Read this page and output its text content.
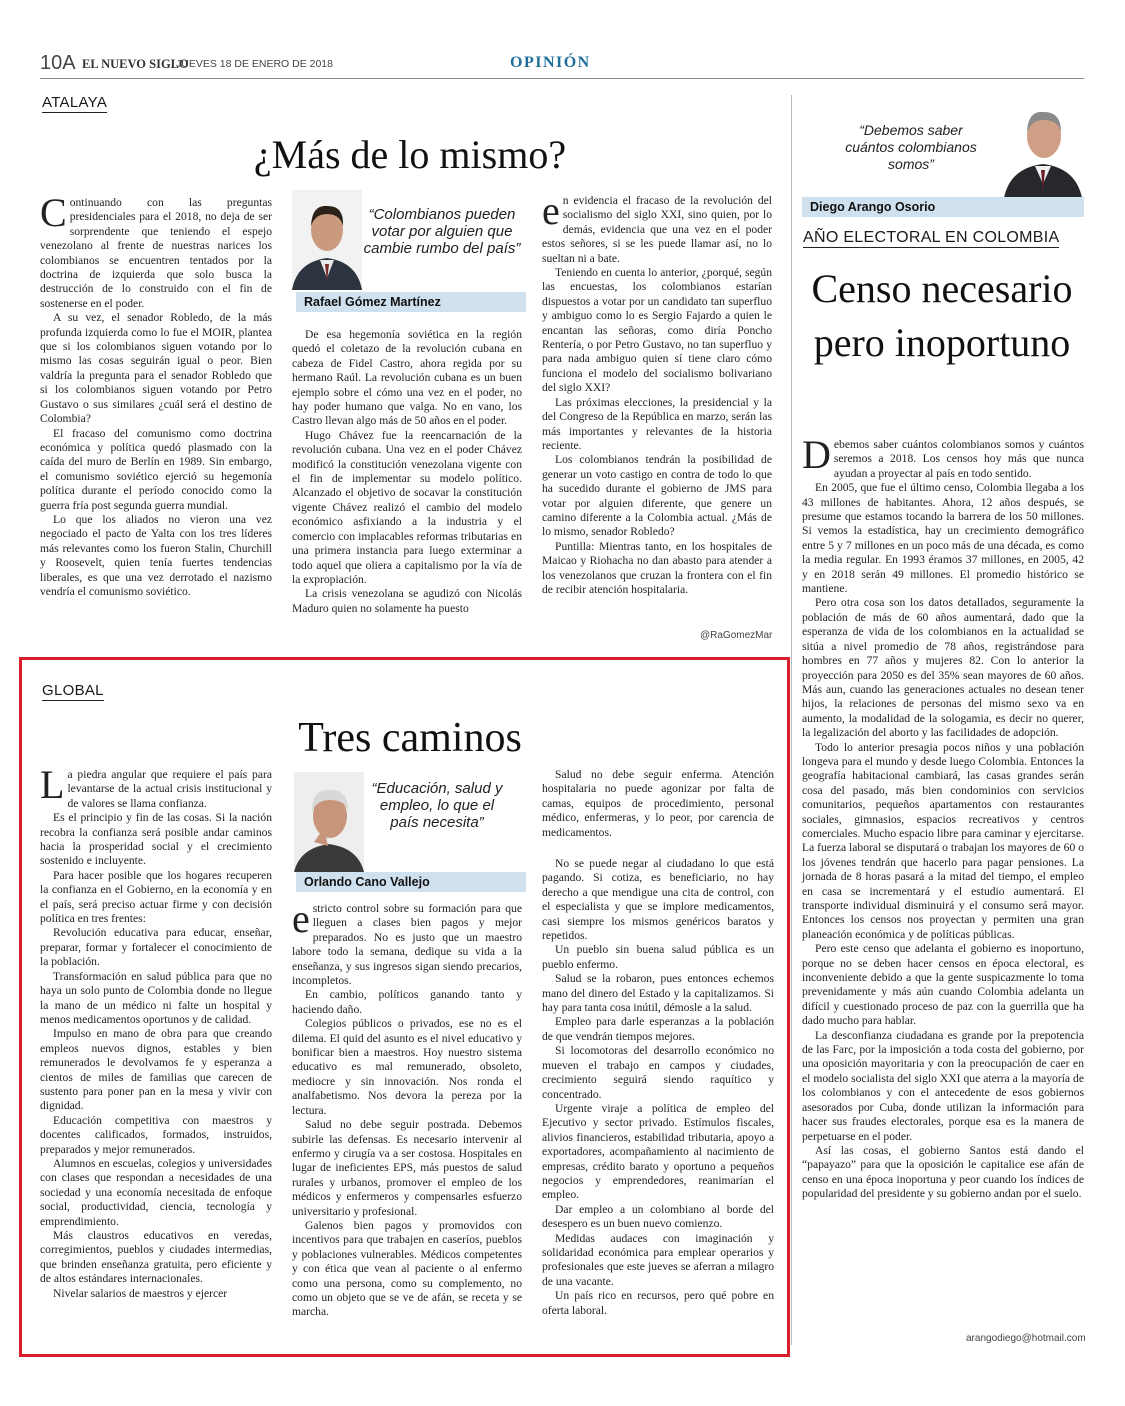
10A EL NUEVO SIGLO
JUEVES 18 DE ENERO DE 2018	OPINIÓN
ATALAYA
¿Más de lo mismo?

Continuando con las preguntas presidenciales para el 2018, no deja de ser sorprendente que teniendo el espejo venezolano al frente de nuestras narices los colombianos se encuentren tentados por la doctrina de izquierda que solo busca la destrucción de lo construido con el fin de sostenerse en el poder.

A su vez, el senador Robledo, de la más profunda izquierda como lo fue el MOIR, plantea que si los colombianos siguen votando por lo mismo las cosas seguirán igual o peor. Bien valdría la pregunta para el senador Robledo que si los colombianos siguen votando por Petro Gustavo o sus similares ¿cuál será el destino de Colombia?

El fracaso del comunismo como doctrina económica y política quedó plasmado con la caída del muro de Berlín en 1989. Sin embargo, el comunismo soviético ejerció su hegemonía política durante el período conocido como la guerra fría post segunda guerra mundial.

Lo que los aliados no vieron una vez negociado el pacto de Yalta con los tres líderes más relevantes como los fueron Stalin, Churchill y Roosevelt, quien tenía fuertes tendencias liberales, es que una vez derrotado el nazismo vendría el comunismo soviético.

“Colombianos pueden votar por alguien que cambie rumbo del país”
Rafael Gómez Martínez

De esa hegemonía soviética en la región quedó el coletazo de la revolución cubana en cabeza de Fidel Castro, ahora regida por su hermano Raúl. La revolución cubana es un buen ejemplo sobre el cómo una vez en el poder, no hay poder humano que valga. No en vano, los Castro llevan algo más de 50 años en el poder.

Hugo Chávez fue la reencarnación de la revolución cubana. Una vez en el poder Chávez modificó la constitución venezolana vigente con el fin de implementar su modelo político. Alcanzado el objetivo de socavar la constitución vigente Chávez realizó el cambio del modelo económico asfixiando a la industria y el comercio con implacables reformas tributarias en una primera instancia para luego exterminar a todo aquel que oliera a capitalismo por la vía de la expropiación.

La crisis venezolana se agudizó con Nicolás Maduro quien no solamente ha puesto

en evidencia el fracaso de la revolución del socialismo del siglo XXI, sino quien, por lo demás, evidencia que una vez en el poder estos señores, si se les puede llamar así, no lo sueltan ni a bate.

Teniendo en cuenta lo anterior, ¿porqué, según las encuestas, los colombianos estarían dispuestos a votar por un candidato tan superfluo y ambiguo como lo es Sergio Fajardo a quien le encantan las señoras, como diría Poncho Rentería, o por Petro Gustavo, no tan superfluo y para nada ambiguo quien sí tiene claro cómo funciona el modelo del socialismo bolivariano del siglo XXI?

Las próximas elecciones, la presidencial y la del Congreso de la República en marzo, serán las más importantes y relevantes de la historia reciente.

Los colombianos tendrán la posibilidad de generar un voto castigo en contra de todo lo que ha sucedido durante el gobierno de JMS para votar por alguien diferente, que genere un camino diferente a la Colombia actual. ¿Más de lo mismo, senador Robledo?

Puntilla: Mientras tanto, en los hospitales de Maicao y Riohacha no dan abasto para atender a los venezolanos que cruzan la frontera con el fin de recibir atención hospitalaria.

@RaGomezMar
GLOBAL
Tres caminos

La piedra angular que requiere el país para levantarse de la actual crisis institucional y de valores se llama confianza.

Es el principio y fin de las cosas. Si la nación recobra la confianza será posible andar caminos hacia la prosperidad social y el crecimiento sostenido e incluyente.

Para hacer posible que los hogares recuperen la confianza en el Gobierno, en la economía y en el país, será preciso actuar firme y con decisión política en tres frentes:

Revolución educativa para educar, enseñar, preparar, formar y fortalecer el conocimiento de la población.

Transformación en salud pública para que no haya un solo punto de Colombia donde no llegue la mano de un médico ni falte un hospital y menos medicamentos oportunos y de calidad.

Impulso en mano de obra para que creando empleos nuevos dignos, estables y bien remunerados le devolvamos fe y esperanza a cientos de miles de familias que carecen de sustento para poner pan en la mesa y vivir con dignidad.

Educación competitiva con maestros y docentes calificados, formados, instruidos, preparados y mejor remunerados.

Alumnos en escuelas, colegios y universidades con clases que respondan a necesidades de una sociedad y una economía necesitada de enfoque social, productividad, ciencia, tecnología y emprendimiento.

Más claustros educativos en veredas, corregimientos, pueblos y ciudades intermedias, que brinden enseñanza gratuita, pero eficiente y de altos estándares internacionales.

Nivelar salarios de maestros y ejercer

“Educación, salud y empleo, lo que el país necesita”
Orlando Cano Vallejo

estricto control sobre su formación para que lleguen a clases bien pagos y mejor preparados. No es justo que un maestro labore todo la semana, dedique su vida a la enseñanza, y sus ingresos sigan siendo precarios, incompletos.

En cambio, políticos ganando tanto y haciendo daño.

Colegios públicos o privados, ese no es el dilema. El quid del asunto es el nivel educativo y bonificar bien a maestros. Hoy nuestro sistema educativo es mal remunerado, obsoleto, mediocre y sin innovación. Nos ronda el analfabetismo. Nos devora la pereza por la lectura.

Salud no debe seguir postrada. Debemos subirle las defensas. Es necesario intervenir al enfermo y cirugía va a ser costosa. Hospitales en lugar de ineficientes EPS, más puestos de salud rurales y urbanos, promover el empleo de los médicos y enfermeros y compensarles esfuerzo universitario y profesional.

Galenos bien pagos y promovidos con incentivos para que trabajen en caseríos, pueblos y poblaciones vulnerables. Médicos competentes y con ética que vean al paciente o al enfermo como una persona, como su complemento, no como un objeto que se ve de afán, se receta y se marcha.

Salud no debe seguir enferma. Atención hospitalaria no puede agonizar por falta de camas, equipos de procedimiento, personal médico, enfermeras, y lo peor, por carencia de medicamentos.

No se puede negar al ciudadano lo que está pagando. Si cotiza, es beneficiario, no hay derecho a que mendigue una cita de control, con el especialista y que se implore medicamentos, casi siempre los mismos genéricos baratos y repetidos.

Un pueblo sin buena salud pública es un pueblo enfermo.

Salud se la robaron, pues entonces echemos mano del dinero del Estado y la capitalizamos. Si hay para tanta cosa inútil, démosle a la salud.

Empleo para darle esperanzas a la población de que vendrán tiempos mejores.

Si locomotoras del desarrollo económico no mueven el trabajo en campos y ciudades, crecimiento seguirá siendo raquítico y concentrado.

Urgente viraje a política de empleo del Ejecutivo y sector privado. Estímulos fiscales, alivios financieros, estabilidad tributaria, apoyo a exportadores, acompañamiento al nacimiento de empresas, crédito barato y oportuno a pequeños negocios y emprendedores, reanimarían el empleo.

Dar empleo a un colombiano al borde del desespero es un buen nuevo comienzo.

Medidas audaces con imaginación y solidaridad económica para emplear operarios y profesionales que este jueves se aferran a milagro de una vacante.

Un país rico en recursos, pero qué pobre en oferta laboral.

“Debemos saber cuántos colombianos somos”
Diego Arango Osorio
AÑO ELECTORAL EN COLOMBIA
Censo necesario pero inoportuno

Debemos saber cuántos colombianos somos y cuántos seremos a 2018. Los censos hoy más que nunca ayudan a proyectar al país en todo sentido.

En 2005, que fue el último censo, Colombia llegaba a los 43 millones de habitantes. Ahora, 12 años después, se presume que estamos tocando la barrera de los 50 millones. Si vemos la estadística, hay un crecimiento demográfico entre 5 y 7 millones en un poco más de una década, es como la media regular. En 1993 éramos 37 millones, en 2005, 42 y en 2018 serán 49 millones. El promedio histórico se mantiene.

Pero otra cosa son los datos detallados, seguramente la población de más de 60 años aumentará, dado que la esperanza de vida de los colombianos en la actualidad se sitúa a nivel promedio de 78 años, registrándose para hombres en 77 años y mujeres 82. Con lo anterior la proyección para 2050 es del 35% sean mayores de 60 años. Más aun, cuando las generaciones actuales no desean tener hijos, la relaciones de personas del mismo sexo va en aumento, la modalidad de la sologamia, es decir no querer, la legalización del aborto y las facilidades de adopción.

Todo lo anterior presagia pocos niños y una población longeva para el mundo y desde luego Colombia. Entonces la geografía habitacional cambiará, las casas grandes serán cosa del pasado, más bien condominios con servicios comunitarios, pequeños apartamentos con restaurantes sociales, gimnasios, espacios recreativos y centros comerciales. Mucho espacio libre para caminar y ejercitarse. La fuerza laboral se disputará o trabajan los mayores de 60 o los jóvenes tendrán que hacerlo para pagar pensiones. La jornada de 8 horas pasará a la mitad del tiempo, el empleo en casa se incrementará y el estudio aumentará. El transporte individual disminuirá y el consumo será mayor. Entonces los censos nos proyectan y permiten una gran planeación económica y de políticas públicas.

Pero este censo que adelanta el gobierno es inoportuno, porque no se deben hacer censos en época electoral, es inconveniente debido a que la gente suspicazmente lo toma prevenidamente y más aún cuando Colombia adelanta un difícil y cuestionado proceso de paz con la guerrilla que ha dado mucho para hablar.

La desconfianza ciudadana es grande por la prepotencia de las Farc, por la imposición a toda costa del gobierno, por una oposición mayoritaria y con la preocupación de caer en el modelo socialista del siglo XXI que aterra a la mayoría de los colombianos y con el antecedente de esos gobiernos asesorados por Cuba, donde utilizan la información para hacer sus fraudes electorales, porque esa es la manera de perpetuarse en el poder.

Así las cosas, el gobierno Santos está dando el “papayazo” para que la oposición le capitalice ese afán de censo en una época inoportuna y peor cuando los índices de popularidad del presidente y su gobierno andan por el suelo.

arangodiego@hotmail.com
